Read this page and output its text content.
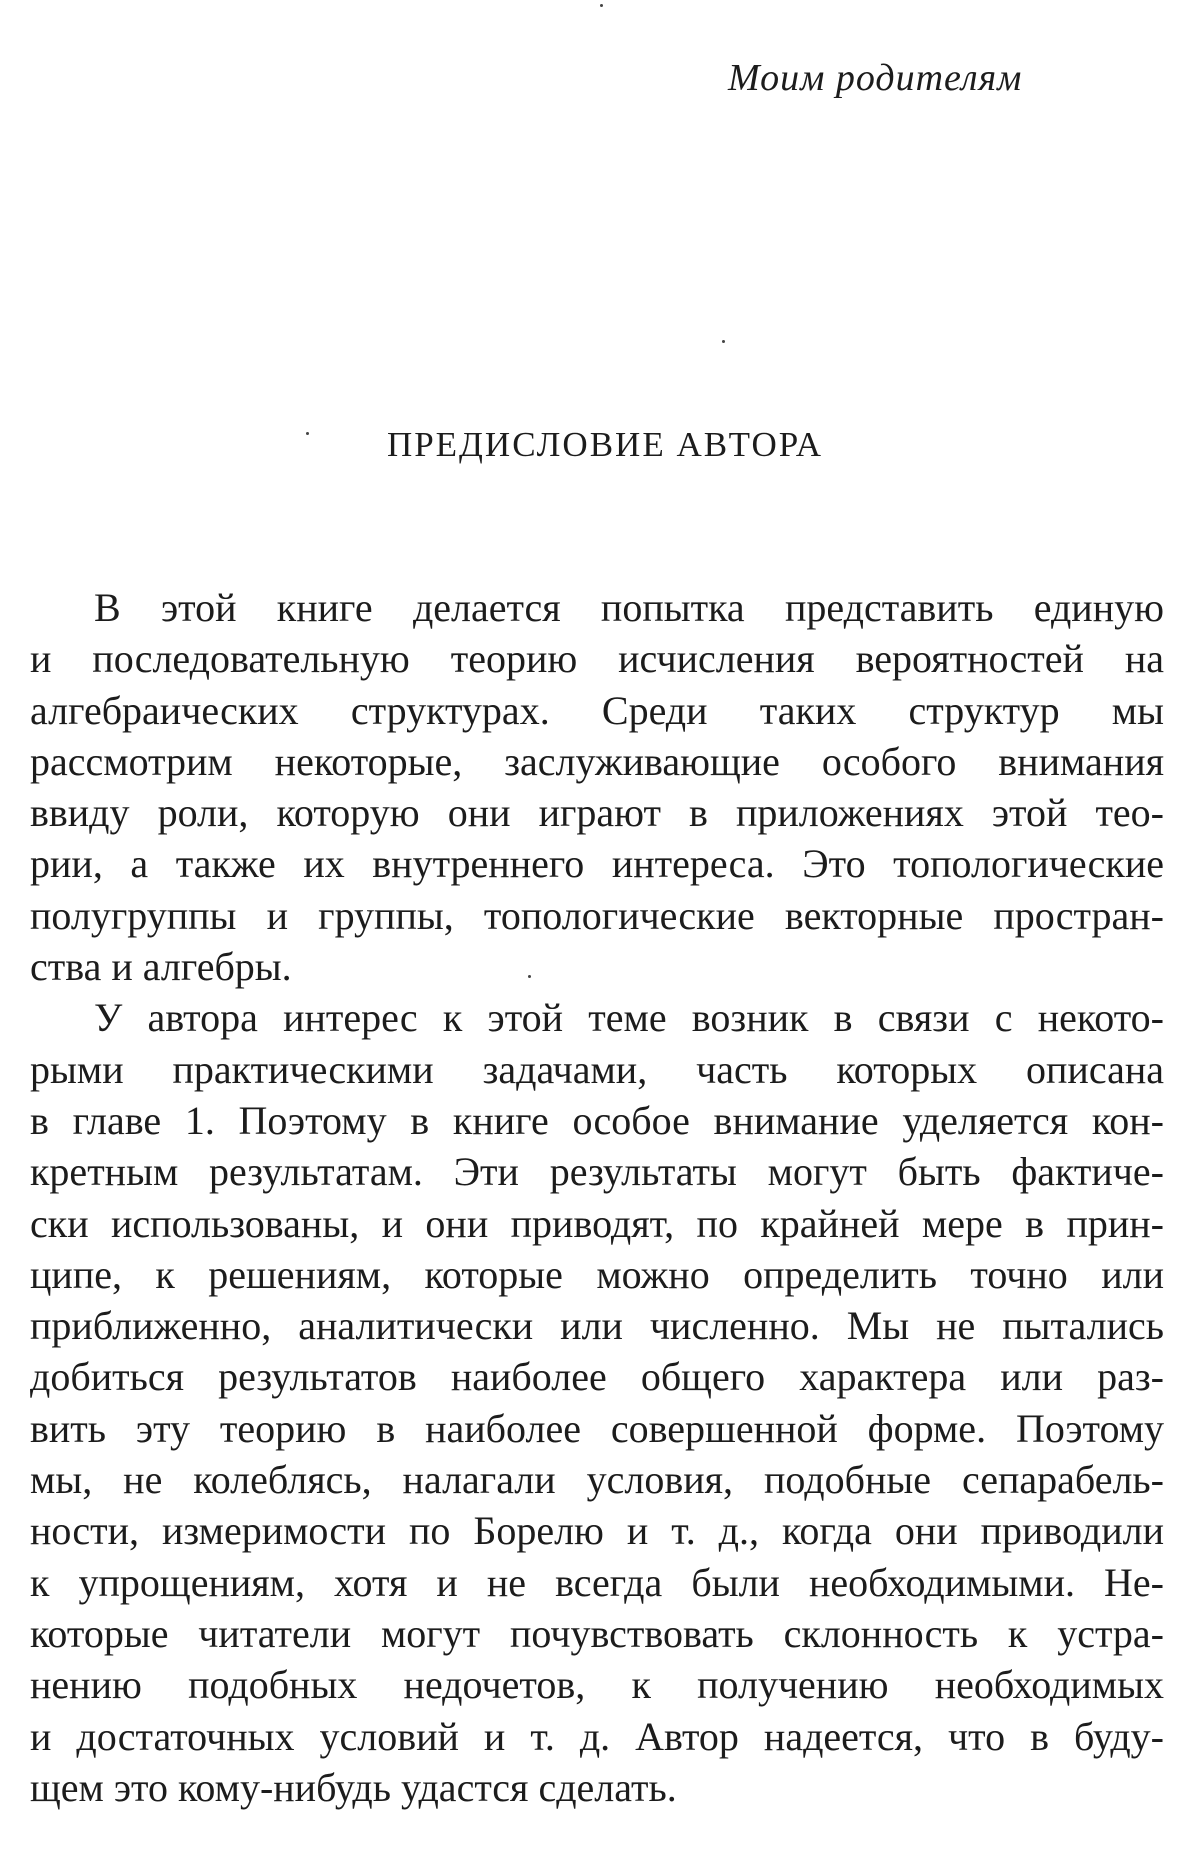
Моим родителям
ПРЕДИСЛОВИЕ АВТОРА
В этой книге делается попытка представить единую
и последовательную теорию исчисления вероятностей на
алгебраических структурах. Среди таких структур мы
рассмотрим некоторые, заслуживающие особого внимания
ввиду роли, которую они играют в приложениях этой тео-
рии, а также их внутреннего интереса. Это топологические
полугруппы и группы, топологические векторные простран-
ства и алгебры.
У автора интерес к этой теме возник в связи с некото-
рыми практическими задачами, часть которых описана
в главе 1. Поэтому в книге особое внимание уделяется кон-
кретным результатам. Эти результаты могут быть фактиче-
ски использованы, и они приводят, по крайней мере в прин-
ципе, к решениям, которые можно определить точно или
приближенно, аналитически или численно. Мы не пытались
добиться результатов наиболее общего характера или раз-
вить эту теорию в наиболее совершенной форме. Поэтому
мы, не колеблясь, налагали условия, подобные сепарабель-
ности, измеримости по Борелю и т. д., когда они приводили
к упрощениям, хотя и не всегда были необходимыми. Не-
которые читатели могут почувствовать склонность к устра-
нению подобных недочетов, к получению необходимых
и достаточных условий и т. д. Автор надеется, что в буду-
щем это кому-нибудь удастся сделать.
